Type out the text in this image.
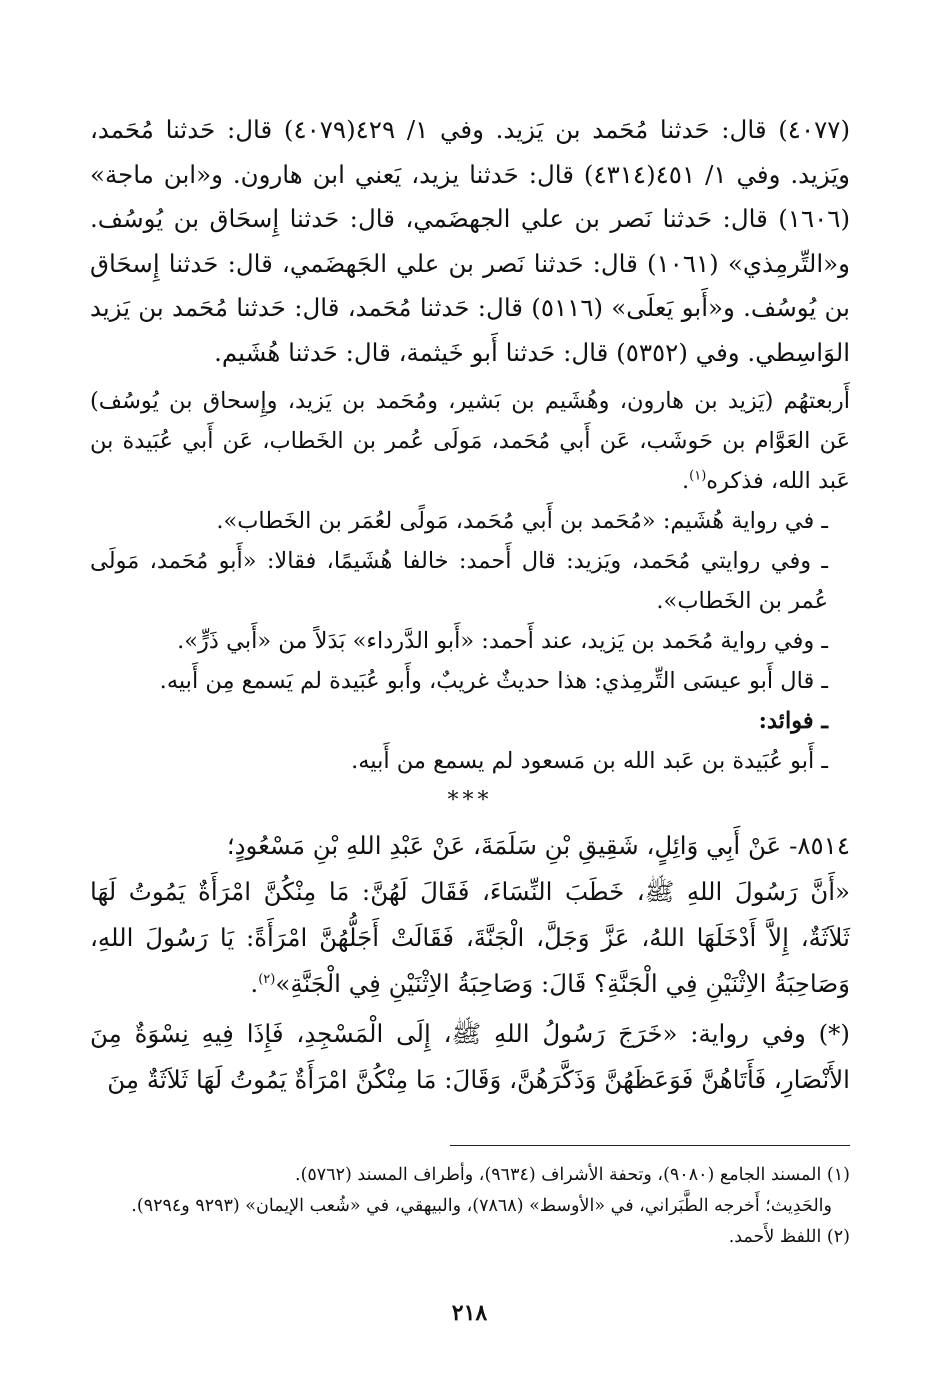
(٤٠٧٧) قال: حَدثنا مُحَمد بن يَزيد. وفي ١/ ٤٢٩(٤٠٧٩) قال: حَدثنا مُحَمد، ويَزيد. وفي ١/ ٤٥١(٤٣١٤) قال: حَدثنا يزيد، يَعني ابن هارون. و«ابن ماجة» (١٦٠٦) قال: حَدثنا نَصر بن علي الجهضَمي، قال: حَدثنا إِسحَاق بن يُوسُف. و«التِّرمِذي» (١٠٦١) قال: حَدثنا نَصر بن علي الجَهضَمي، قال: حَدثنا إِسحَاق بن يُوسُف. و«أَبو يَعلَى» (٥١١٦) قال: حَدثنا مُحَمد، قال: حَدثنا مُحَمد بن يَزيد الوَاسِطي. وفي (٥٣٥٢) قال: حَدثنا أَبو خَيثمة، قال: حَدثنا هُشَيم.

أَربعتهُم (يَزيد بن هارون، وهُشَيم بن بَشير، ومُحَمد بن يَزيد، وإِسحاق بن يُوسُف) عَن العَوَّام بن حَوشَب، عَن أَبي مُحَمد، مَولَى عُمر بن الخَطاب، عَن أَبي عُبَيدة بن عَبد الله، فذكره$^{(١)}$.

ـ في رواية هُشَيم: «مُحَمد بن أَبي مُحَمد، مَولًى لعُمَر بن الخَطاب».

ـ وفي روايتي مُحَمد، ويَزيد: قال أَحمد: خالفا هُشَيمًا، فقالا: «أَبو مُحَمد، مَولَى عُمر بن الخَطاب».

ـ وفي رواية مُحَمد بن يَزيد، عند أَحمد: «أَبو الدَّرداء» بَدَلاً من «أَبي ذَرٍّ».

ـ قال أَبو عيسَى التِّرمِذي: هذا حديثٌ غريبٌ، وأَبو عُبَيدة لم يَسمع مِن أَبيه.

ـ فوائد:

ـ أَبو عُبَيدة بن عَبد الله بن مَسعود لم يسمع من أَبيه.

***

٨٥١٤- عَنْ أَبِي وَائِلٍ، شَقِيقِ بْنِ سَلَمَةَ، عَنْ عَبْدِ اللهِ بْنِ مَسْعُودٍ؛

«أَنَّ رَسُولَ اللهِ ﷺ، خَطَبَ النِّسَاءَ، فَقَالَ لَهُنَّ: مَا مِنْكُنَّ امْرَأَةٌ يَمُوتُ لَهَا ثَلاَثَةٌ، إِلاَّ أَدْخَلَهَا اللهُ، عَزَّ وَجَلَّ، الْجَنَّةَ، فَقَالَتْ أَجَلُّهُنَّ امْرَأَةً: يَا رَسُولَ اللهِ، وَصَاحِبَةُ الاِثْنَيْنِ فِي الْجَنَّةِ؟ قَالَ: وَصَاحِبَةُ الاِثْنَيْنِ فِي الْجَنَّةِ»$^{(٢)}$.

(*) وفي رواية: «خَرَجَ رَسُولُ اللهِ ﷺ، إِلَى الْمَسْجِدِ، فَإِذَا فِيهِ نِسْوَةٌ مِنَ الأَنْصَارِ، فَأَتَاهُنَّ فَوَعَظَهُنَّ وَذَكَّرَهُنَّ، وَقَالَ: مَا مِنْكُنَّ امْرَأَةٌ يَمُوتُ لَهَا ثَلاَثَةٌ مِنَ

(١) المسند الجامع (٩٠٨٠)، وتحفة الأشراف (٩٦٣٤)، وأطراف المسند (٥٧٦٢).

والحَدِيث؛ أَخرجه الطَّبَراني، في «الأوسط» (٧٨٦٨)، والبيهقي، في «شُعب الإيمان» (٩٢٩٣ و٩٢٩٤).

(٢) اللفظ لأَحمد.

٢١٨
